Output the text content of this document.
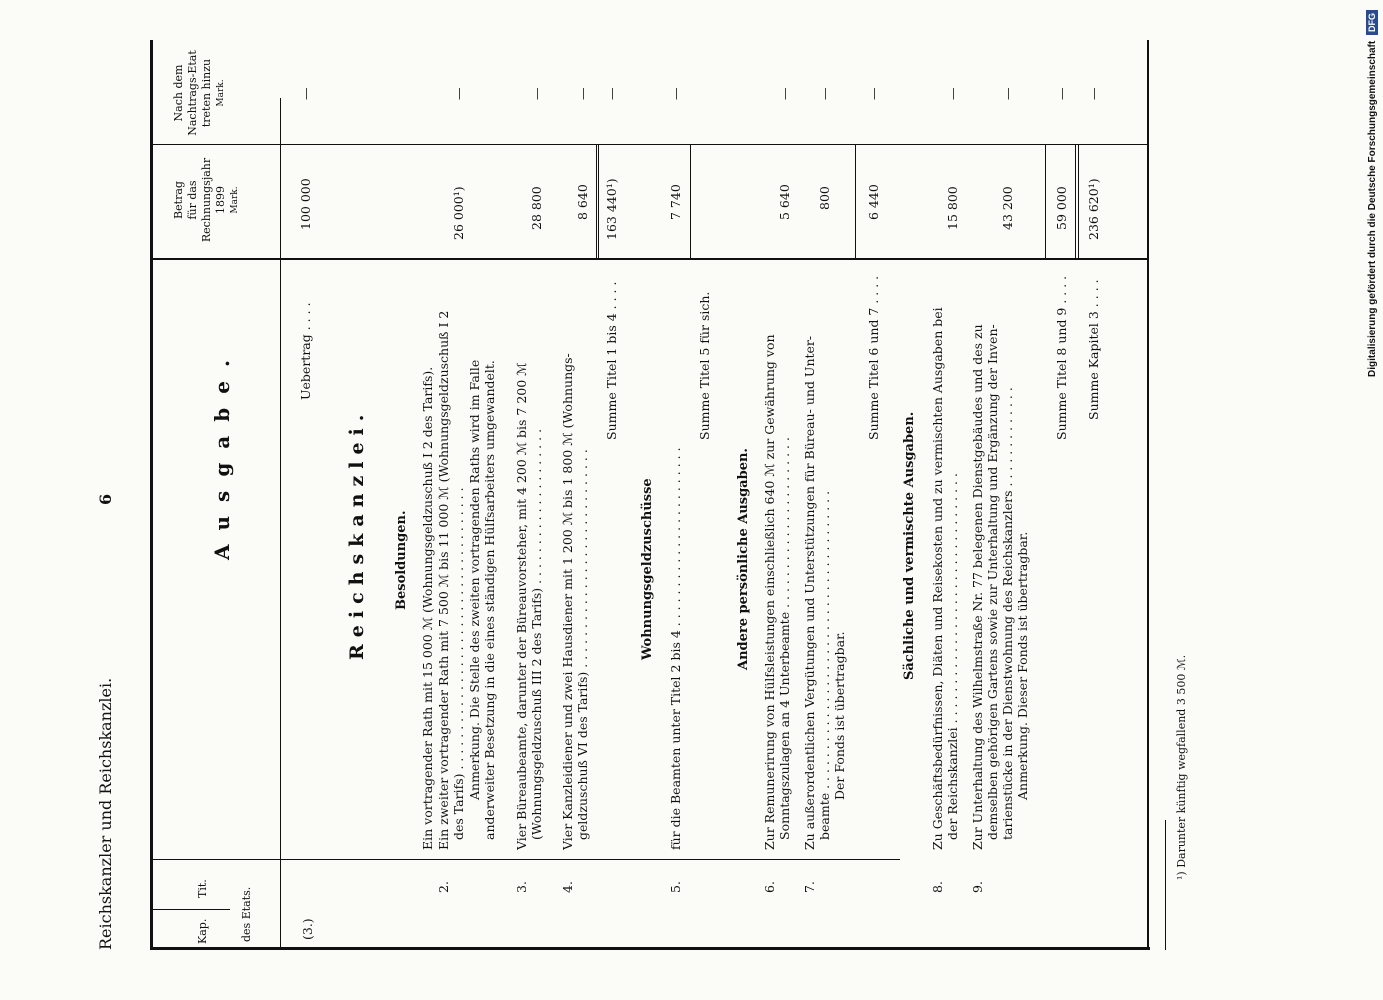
Reichskanzler und Reichskanzlei.
6
Kap.
Tit.	des Etats.
Ausgabe.
Betrag für das Rechnungsjahr 1899 Mark.
Nach dem Nachtrags-Etat treten hinzu Mark.
(3.)
Uebertrag . . . .
100 000
—
Reichskanzlei. Besoldungen. Ein vortragender Rath mit 15 000 ℳ (Wohnungsgeldzuschuß I 2 des Tarifs).
2.
Ein zweiter vortragender Rath mit 7 500 ℳ bis 11 000 ℳ (Wohnungsgeldzuschuß I 2 des Tarifs) . . . . . . . . . . . . . . . . . . . . . . . . . . . . . . . . . . . . Anmerkung. Die Stelle des zweiten vortragenden Raths wird im Falle anderweiter Besetzung in die eines ständigen Hülfsarbeiters umgewandelt.
26 000¹)
—
3.
Vier Büreaubeamte, darunter der Büreauvorsteher, mit 4 200 ℳ bis 7 200 ℳ (Wohnungsgeldzuschuß III 2 des Tarifs) . . . . . . . . . . . . . . . . . . . .
28 800
—
4.
Vier Kanzleidiener und zwei Hausdiener mit 1 200 ℳ bis 1 800 ℳ (Wohnungs- geldzuschuß VI des Tarifs) . . . . . . . . . . . . . . . . . . . . . . . . . . . .
8 640
—
Summe Titel 1 bis 4 . . . .
163 440¹)
—
Wohnungsgeldzuschüsse
5.
für die Beamten unter Titel 2 bis 4 . . . . . . . . . . . . . . . . . . . . . . .
7 740
—
Summe Titel 5 für sich.
Andere persönliche Ausgaben.
6.
Zur Remunerirung von Hülfsleistungen einschließlich 640 ℳ zur Gewährung von Sonntagszulagen an 4 Unterbeamte . . . . . . . . . . . . . . . . . . . . . .
5 640
—
7.
Zu außerordentlichen Vergütungen und Unterstützungen für Büreau- und Unter- beamte . . . . . . . . . . . . . . . . . . . . . . . . . . . . . . . . . . . . . . Der Fonds ist übertragbar.
800
—
Summe Titel 6 und 7 . . . .
6 440
—
Sächliche und vermischte Ausgaben.
8.
Zu Geschäftsbedürfnissen, Diäten und Reisekosten und zu vermischten Ausgaben bei der Reichskanzlei . . . . . . . . . . . . . . . . . . . . . . . . . . . . . . . .
15 800
—
9.
Zur Unterhaltung des Wilhelmstraße Nr. 77 belegenen Dienstgebäudes und des zu demselben gehörigen Gartens sowie zur Unterhaltung und Ergänzung der Inven- tarienstücke in der Dienstwohnung des Reichskanzlers . . . . . . . . . . . . . Anmerkung. Dieser Fonds ist übertragbar.
43 200
—
Summe Titel 8 und 9 . . . .
59 000
—
Summe Kapitel 3 . . . .
236 620¹)
—
¹) Darunter künftig wegfallend 3 500 ℳ.
Digitalisierung gefördert durch die Deutsche Forschungsgemeinschaft DFG
